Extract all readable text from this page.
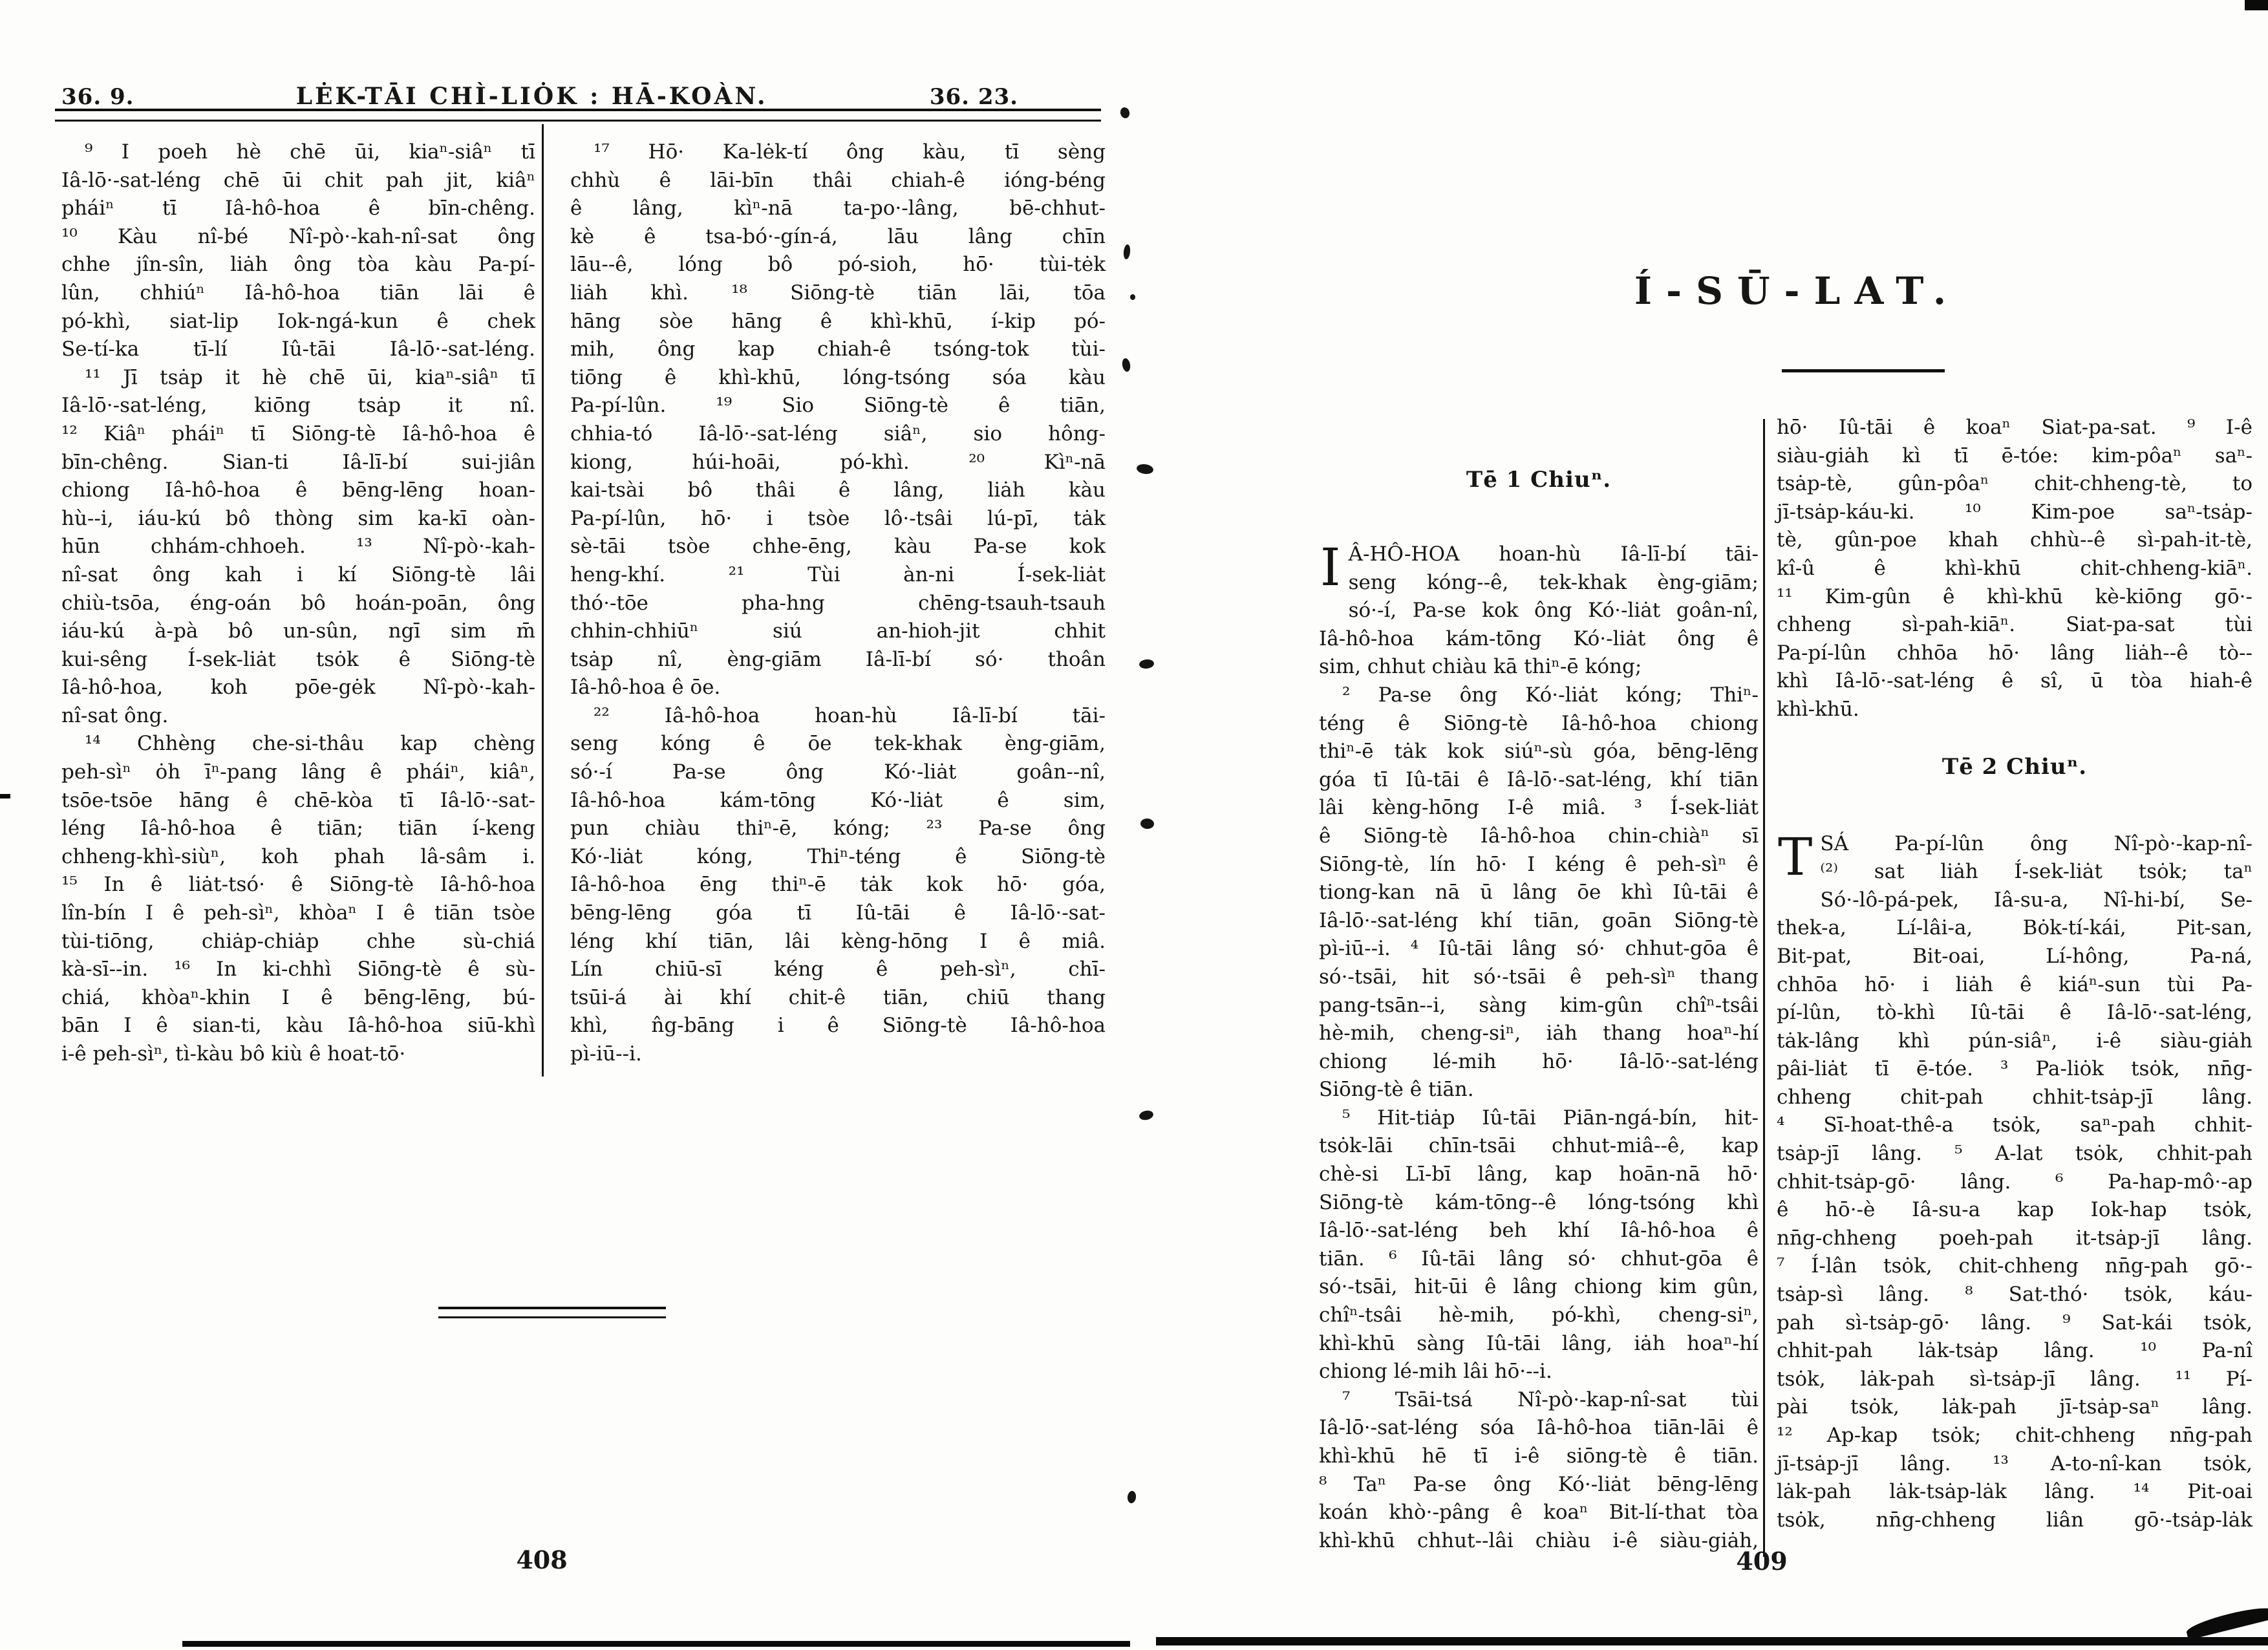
36. 9.	LĖK-TĀI CHÌ-LIȮK : HĀ-KOÀN.	36. 23.
⁹ I poeh hè chē ūi, kiaⁿ-siâⁿ tī
Iâ-lō·-sat-léng chē ūi chit pah jit, kiâⁿ
pháiⁿ tī Iâ-hô-hoa ê bīn-chêng.
¹⁰ Kàu nî-bé Nî-pò·-kah-nî-sat ông
chhe jîn-sîn, liȧh ông tòa kàu Pa-pí-
lûn, chhiúⁿ Iâ-hô-hoa tiān lāi ê
pó-khì, siat-lip Iok-ngá-kun ê chek
Se-tí-ka tī-lí Iû-tāi Iâ-lō·-sat-léng.
¹¹ Jī tsȧp it hè chē ūi, kiaⁿ-siâⁿ tī
Iâ-lō·-sat-léng, kiōng tsȧp it nî.
¹² Kiâⁿ pháiⁿ tī Siōng-tè Iâ-hô-hoa ê
bīn-chêng. Sian-ti Iâ-lī-bí sui-jiân
chiong Iâ-hô-hoa ê bēng-lēng hoan-
hù--i, iáu-kú bô thòng sim ka-kī oàn-
hūn chhám-chhoeh. ¹³ Nî-pò·-kah-
nî-sat ông kah i kí Siōng-tè lâi
chiù-tsōa, éng-oán bô hoán-poān, ông
iáu-kú à-pà bô un-sûn, ngī sim m̄
kui-sêng Í-sek-liȧt tsȯk ê Siōng-tè
Iâ-hô-hoa, koh pōe-gėk Nî-pò·-kah-
nî-sat ông.
¹⁴ Chhèng che-si-thâu kap chèng
peh-sìⁿ ȯh īⁿ-pang lâng ê pháiⁿ, kiâⁿ,
tsōe-tsōe hāng ê chē-kòa tī Iâ-lō·-sat-
léng Iâ-hô-hoa ê tiān; tiān í-keng
chheng-khì-siùⁿ, koh phah lâ-sâm i.
¹⁵ In ê liȧt-tsó· ê Siōng-tè Iâ-hô-hoa
lîn-bín I ê peh-sìⁿ, khòaⁿ I ê tiān tsòe
tùi-tiōng, chiȧp-chiȧp chhe sù-chiá
kà-sī--in. ¹⁶ In ki-chhì Siōng-tè ê sù-
chiá, khòaⁿ-khin I ê bēng-lēng, bú-
bān I ê sian-ti, kàu Iâ-hô-hoa siū-khì
i-ê peh-sìⁿ, tì-kàu bô kiù ê hoat-tō·
¹⁷ Hō· Ka-lėk-tí ông kàu, tī sèng
chhù ê lāi-bīn thâi chiah-ê ióng-béng
ê lâng, kìⁿ-nā ta-po·-lâng, bē-chhut-
kè ê tsa-bó·-gín-á, lāu lâng chīn
lāu--ê, lóng bô pó-sioh, hō· tùi-tėk
liȧh khì. ¹⁸ Siōng-tè tiān lāi, tōa
hāng sòe hāng ê khì-khū, í-kip pó-
mih, ông kap chiah-ê tsóng-tok tùi-
tiōng ê khì-khū, lóng-tsóng sóa kàu
Pa-pí-lûn. ¹⁹ Sio Siōng-tè ê tiān,
chhia-tó Iâ-lō·-sat-léng siâⁿ, sio hông-
kiong, húi-hoāi, pó-khì. ²⁰ Kìⁿ-nā
kai-tsài bô thâi ê lâng, liȧh kàu
Pa-pí-lûn, hō· i tsòe lô·-tsâi lú-pī, tȧk
sè-tāi tsòe chhe-ēng, kàu Pa-se kok
heng-khí. ²¹ Tùi àn-ni Í-sek-liȧt
thó·-tōe pha-hng chēng-tsauh-tsauh
chhin-chhiūⁿ siú an-hioh-jit chhit
tsȧp nî, èng-giām Iâ-lī-bí só· thoân
Iâ-hô-hoa ê ōe.
²² Iâ-hô-hoa hoan-hù Iâ-lī-bí tāi-
seng kóng ê ōe tek-khak èng-giām,
só·-í Pa-se ông Kó·-liȧt goân--nî,
Iâ-hô-hoa kám-tōng Kó·-liȧt ê sim,
pun chiàu thiⁿ-ē, kóng; ²³ Pa-se ông
Kó·-liȧt kóng, Thiⁿ-téng ê Siōng-tè
Iâ-hô-hoa ēng thiⁿ-ē tȧk kok hō· góa,
bēng-lēng góa tī Iû-tāi ê Iâ-lō·-sat-
léng khí tiān, lâi kèng-hōng I ê miâ.
Lín chiū-sī kéng ê peh-sìⁿ, chī-
tsūi-á ài khí chit-ê tiān, chiū thang
khì, n̂g-bāng i ê Siōng-tè Iâ-hô-hoa
pì-iū--i.
408
Í-SŪ-LAT.
Tē 1 Chiuⁿ.
I Â-HÔ-HOA hoan-hù Iâ-lī-bí tāi-
seng kóng--ê, tek-khak èng-giām;
só·-í, Pa-se kok ông Kó·-liȧt goân-nî,
Iâ-hô-hoa kám-tōng Kó·-liȧt ông ê
sim, chhut chiàu kā thiⁿ-ē kóng;
² Pa-se ông Kó·-liȧt kóng; Thiⁿ-
téng ê Siōng-tè Iâ-hô-hoa chiong
thiⁿ-ē tȧk kok siúⁿ-sù góa, bēng-lēng
góa tī Iû-tāi ê Iâ-lō·-sat-léng, khí tiān
lâi kèng-hōng I-ê miâ. ³ Í-sek-liȧt
ê Siōng-tè Iâ-hô-hoa chin-chiàⁿ sī
Siōng-tè, lín hō· I kéng ê peh-sìⁿ ê
tiong-kan nā ū lâng ōe khì Iû-tāi ê
Iâ-lō·-sat-léng khí tiān, goān Siōng-tè
pì-iū--i. ⁴ Iû-tāi lâng só· chhut-gōa ê
só·-tsāi, hit só·-tsāi ê peh-sìⁿ thang
pang-tsān--i, sàng kim-gûn chîⁿ-tsâi
hè-mih, cheng-siⁿ, iȧh thang hoaⁿ-hí
chiong lé-mih hō· Iâ-lō·-sat-léng
Siōng-tè ê tiān.
⁵ Hit-tiȧp Iû-tāi Piān-ngá-bín, hit-
tsȯk-lāi chīn-tsāi chhut-miâ--ê, kap
chè-si Lī-bī lâng, kap hoān-nā hō·
Siōng-tè kám-tōng--ê lóng-tsóng khì
Iâ-lō·-sat-léng beh khí Iâ-hô-hoa ê
tiān. ⁶ Iû-tāi lâng só· chhut-gōa ê
só·-tsāi, hit-ūi ê lâng chiong kim gûn,
chîⁿ-tsâi hè-mih, pó-khì, cheng-siⁿ,
khì-khū sàng Iû-tāi lâng, iȧh hoaⁿ-hí
chiong lé-mih lâi hō·--i.
⁷ Tsāi-tsá Nî-pò·-kap-nî-sat tùi
Iâ-lō·-sat-léng sóa Iâ-hô-hoa tiān-lāi ê
khì-khū hē tī i-ê siōng-tè ê tiān.
⁸ Taⁿ Pa-se ông Kó·-liȧt bēng-lēng
koán khò·-pâng ê koaⁿ Bit-lí-that tòa
khì-khū chhut--lâi chiàu i-ê siàu-giȧh,
hō· Iû-tāi ê koaⁿ Siat-pa-sat. ⁹ I-ê
siàu-giȧh kì tī ē-tóe: kim-pôaⁿ saⁿ-
tsȧp-tè, gûn-pôaⁿ chit-chheng-tè, to
jī-tsȧp-káu-ki. ¹⁰ Kim-poe saⁿ-tsȧp-
tè, gûn-poe khah chhù--ê sì-pah-it-tè,
kî-û ê khì-khū chit-chheng-kiāⁿ.
¹¹ Kim-gûn ê khì-khū kè-kiōng gō·-
chheng sì-pah-kiāⁿ. Siat-pa-sat tùi
Pa-pí-lûn chhōa hō· lâng liȧh--ê tò--
khì Iâ-lō·-sat-léng ê sî, ū tòa hiah-ê
khì-khū.
Tē 2 Chiuⁿ.
T SÁ Pa-pí-lûn ông Nî-pò·-kap-nî-
⁽²⁾ sat liȧh Í-sek-liȧt tsȯk; taⁿ
Só·-lô-pá-pek, Iâ-su-a, Nî-hi-bí, Se-
thek-a, Lí-lâi-a, Bȯk-tí-kái, Pit-san,
Bit-pat, Bit-oai, Lí-hông, Pa-ná,
chhōa hō· i liȧh ê kiáⁿ-sun tùi Pa-
pí-lûn, tò-khì Iû-tāi ê Iâ-lō·-sat-léng,
tȧk-lâng khì pún-siâⁿ, i-ê siàu-giȧh
pâi-liȧt tī ē-tóe. ³ Pa-liȯk tsȯk, nn̄g-
chheng chit-pah chhit-tsȧp-jī lâng.
⁴ Sī-hoat-thê-a tsȯk, saⁿ-pah chhit-
tsȧp-jī lâng. ⁵ A-lat tsȯk, chhit-pah
chhit-tsȧp-gō· lâng. ⁶ Pa-hap-mô·-ap
ê hō·-è Iâ-su-a kap Iok-hap tsȯk,
nn̄g-chheng poeh-pah it-tsȧp-jī lâng.
⁷ Í-lân tsȯk, chit-chheng nn̄g-pah gō·-
tsȧp-sì lâng. ⁸ Sat-thó· tsȯk, káu-
pah sì-tsȧp-gō· lâng. ⁹ Sat-kái tsȯk,
chhit-pah lȧk-tsȧp lâng. ¹⁰ Pa-nî
tsȯk, lȧk-pah sì-tsȧp-jī lâng. ¹¹ Pí-
pài tsȯk, lȧk-pah jī-tsȧp-saⁿ lâng.
¹² Ap-kap tsȯk; chit-chheng nn̄g-pah
jī-tsȧp-jī lâng. ¹³ A-to-nî-kan tsȯk,
lȧk-pah lȧk-tsȧp-lȧk lâng. ¹⁴ Pit-oai
tsȯk, nn̄g-chheng liân gō·-tsȧp-lȧk
409
